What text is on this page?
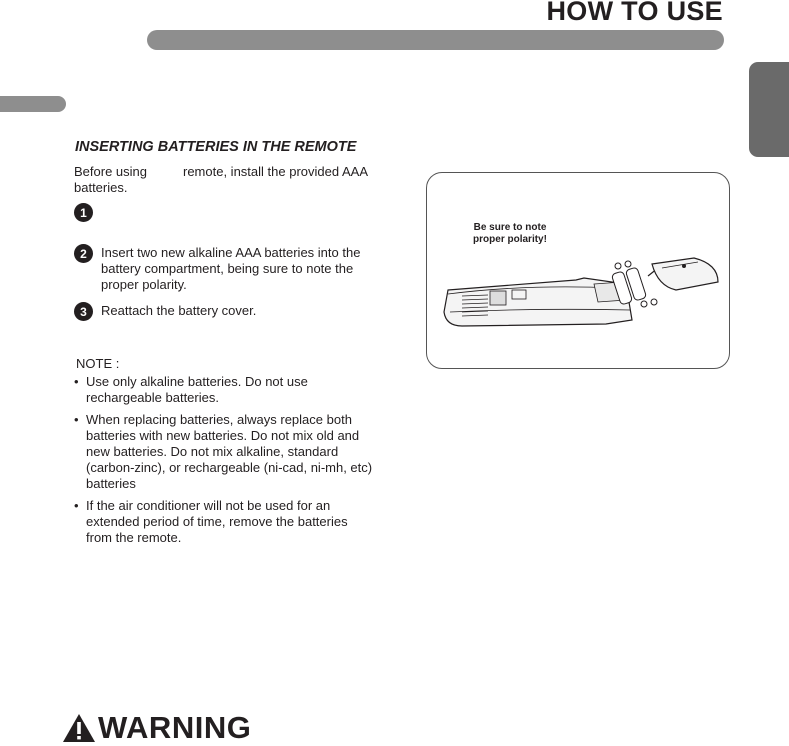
HOW TO USE
INSERTING BATTERIES IN THE REMOTE
Before using	remote, install the provided AAA batteries.
1
2	Insert two new alkaline AAA batteries into the battery compartment, being sure to note the proper polarity.
3	Reattach the battery cover.
NOTE :
• Use only alkaline batteries. Do not use rechargeable batteries.
• When replacing batteries, always replace both batteries with new batteries. Do not mix old and new batteries. Do not mix alkaline, standard (carbon-zinc), or rechargeable (ni-cad, ni-mh, etc) batteries
• If the air conditioner will not be used for an extended period of time, remove the batteries from the remote.
Be sure to note
proper polarity!
WARNING
